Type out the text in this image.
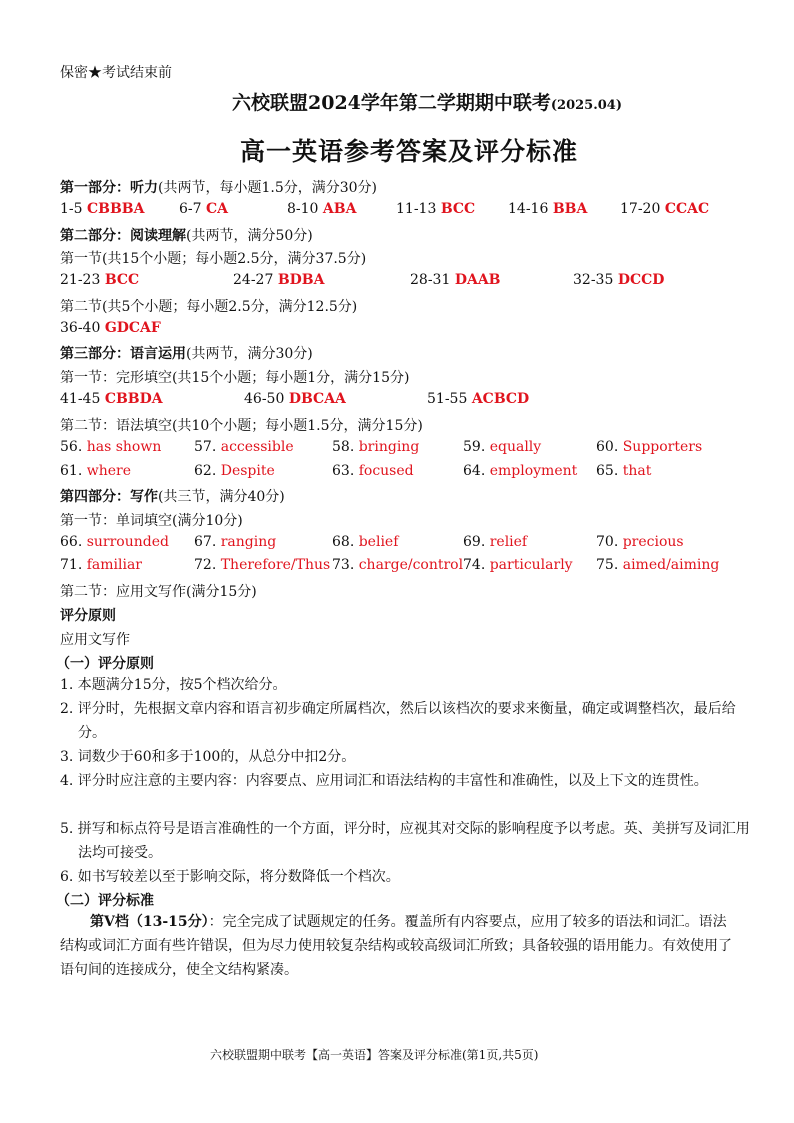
保密★考试结束前
六校联盟2024学年第二学期期中联考(2025.04)
高一英语参考答案及评分标准
第一部分：听力(共两节，每小题1.5分，满分30分)
1-5 CBBBA 6-7 CA	8-10 ABA	11-13 BCC 14-16 BBA 17-20 CCAC
第二部分：阅读理解(共两节，满分50分)
第一节(共15个小题；每小题2.5分，满分37.5分)
21-23 BCC	24-27 BDBA	28-31 DAAB	32-35 DCCD
第二节(共5个小题；每小题2.5分，满分12.5分)
36-40 GDCAF
第三部分：语言运用(共两节，满分30分)
第一节：完形填空(共15个小题；每小题1分，满分15分)
41-45 CBBDA	46-50 DBCAA	51-55 ACBCD
第二节：语法填空(共10个小题；每小题1.5分，满分15分)
56. has shown 57. accessible	58. bringing	59. equally	60. Supporters
61. where	62. Despite	63. focused	64. employment 65. that
第四部分：写作(共三节，满分40分)
第一节：单词填空(满分10分)
66. surrounded 67. ranging	68. belief	69. relief	70. precious
71. familiar	72. Therefore/Thus 73. charge/control 74. particularly 75. aimed/aiming
第二节：应用文写作(满分15分)
评分原则
应用文写作
（一）评分原则
1. 本题满分15分，按5个档次给分。
2. 评分时，先根据文章内容和语言初步确定所属档次，然后以该档次的要求来衡量，确定或调整档次，最后给分。
3. 词数少于60和多于100的，从总分中扣2分。
4. 评分时应注意的主要内容：内容要点、应用词汇和语法结构的丰富性和准确性，以及上下文的连贯性。
5. 拼写和标点符号是语言准确性的一个方面，评分时，应视其对交际的影响程度予以考虑。英、美拼写及词汇用法均可接受。
6. 如书写较差以至于影响交际，将分数降低一个档次。
（二）评分标准
第Ⅴ档（13-15分）：完全完成了试题规定的任务。覆盖所有内容要点，应用了较多的语法和词汇。语法结构或词汇方面有些许错误，但为尽力使用较复杂结构或较高级词汇所致；具备较强的语用能力。有效使用了语句间的连接成分，使全文结构紧凑。
六校联盟期中联考【高一英语】答案及评分标准(第1页,共5页)
